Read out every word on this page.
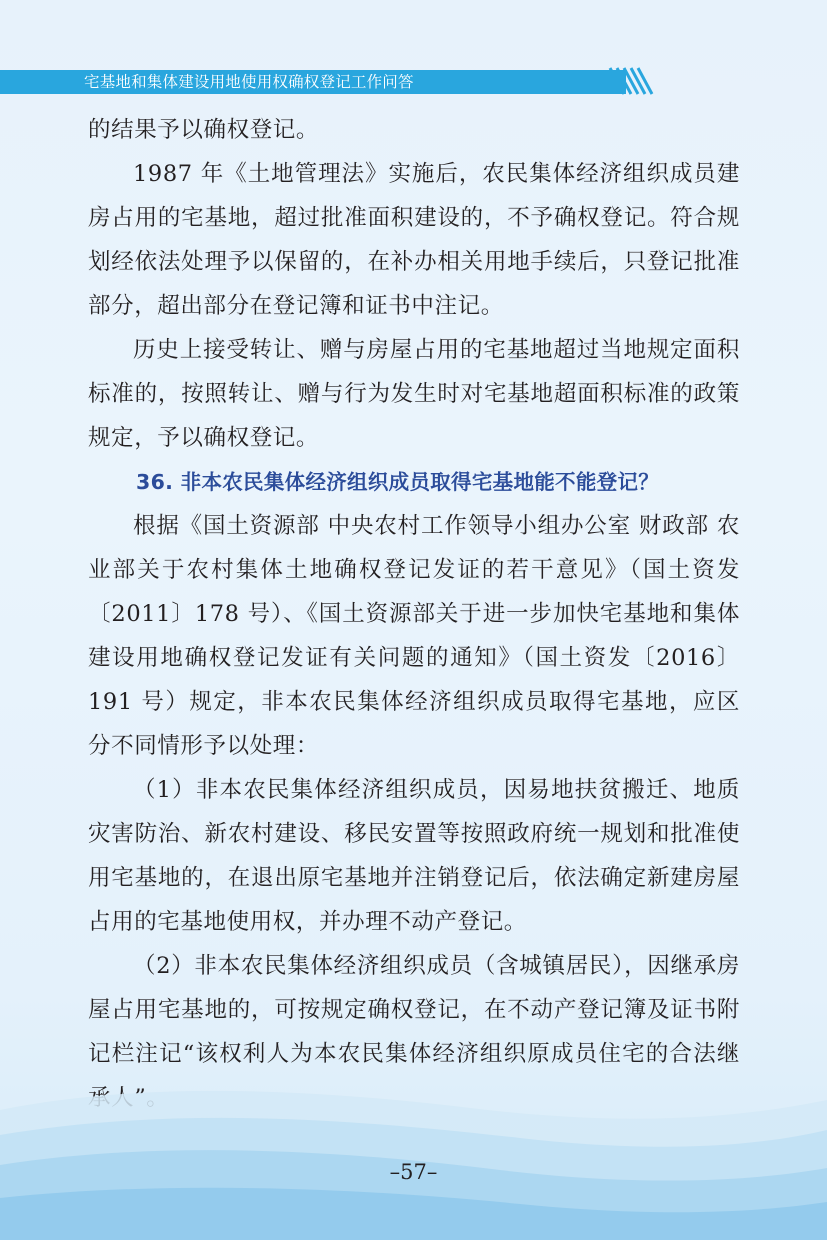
宅基地和集体建设用地使用权确权登记工作问答

的结果予以确权登记。

1987 年《土地管理法》实施后，农民集体经济组织成员建房占用的宅基地，超过批准面积建设的，不予确权登记。符合规划经依法处理予以保留的，在补办相关用地手续后，只登记批准部分，超出部分在登记簿和证书中注记。

历史上接受转让、赠与房屋占用的宅基地超过当地规定面积标准的，按照转让、赠与行为发生时对宅基地超面积标准的政策规定，予以确权登记。

36. 非本农民集体经济组织成员取得宅基地能不能登记？

根据《国土资源部 中央农村工作领导小组办公室 财政部 农业部关于农村集体土地确权登记发证的若干意见》（国土资发〔2011〕178 号）、《国土资源部关于进一步加快宅基地和集体建设用地确权登记发证有关问题的通知》（国土资发〔2016〕191 号）规定，非本农民集体经济组织成员取得宅基地，应区分不同情形予以处理：

（1）非本农民集体经济组织成员，因易地扶贫搬迁、地质灾害防治、新农村建设、移民安置等按照政府统一规划和批准使用宅基地的，在退出原宅基地并注销登记后，依法确定新建房屋占用的宅基地使用权，并办理不动产登记。

（2）非本农民集体经济组织成员（含城镇居民），因继承房屋占用宅基地的，可按规定确权登记，在不动产登记簿及证书附记栏注记“该权利人为本农民集体经济组织原成员住宅的合法继

–57–
